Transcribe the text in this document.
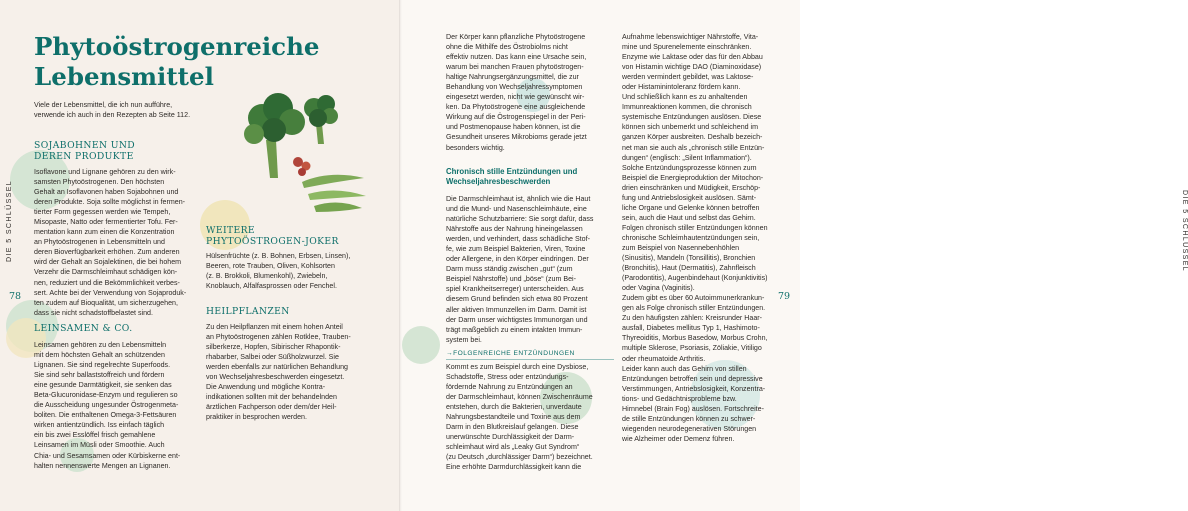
Phytoöstrogenreiche
Lebensmittel
Viele der Lebensmittel, die ich nun aufführe,
verwende ich auch in den Rezepten ab Seite 112.
SOJABOHNEN UND
DEREN PRODUKTE
Isoflavone und Lignane gehören zu den wirk-
samsten Phytoöstrogenen. Den höchsten
Gehalt an Isoflavonen haben Sojabohnen und
deren Produkte. Soja sollte möglichst in fermen-
tierter Form gegessen werden wie Tempeh,
Misopaste, Natto oder fermentierter Tofu. Fer-
mentation kann zum einen die Konzentration
an Phytoöstrogenen in Lebensmitteln und
deren Bioverfügbarkeit erhöhen. Zum anderen
wird der Gehalt an Sojalektinen, die bei hohem
Verzehr die Darmschleimhaut schädigen kön-
nen, reduziert und die Bekömmlichkeit verbes-
sert. Achte bei der Verwendung von Sojaproduk-
ten zudem auf Bioqualität, um sicherzugehen,
dass sie nicht schadstoffbelastet sind.
LEINSAMEN & CO.
Leinsamen gehören zu den Lebensmitteln
mit dem höchsten Gehalt an schützenden
Lignanen. Sie sind regelrechte Superfoods.
Sie sind sehr ballaststoffreich und fördern
eine gesunde Darmtätigkeit, sie senken das
Beta-Glucuronidase-Enzym und regulieren so
die Ausscheidung ungesunder Östrogenmeta-
boliten. Die enthaltenen Omega-3-Fettsäuren
wirken antientzündlich. Iss einfach täglich
ein bis zwei Esslöffel frisch gemahlene
Leinsamen im Müsli oder Smoothie. Auch
Chia- und Sesamsamen oder Kürbiskerne ent-
halten nennenswerte Mengen an Lignanen.
WEITERE
PHYTOÖSTROGEN-JOKER
Hülsenfrüchte (z. B. Bohnen, Erbsen, Linsen),
Beeren, rote Trauben, Oliven, Kohlsorten
(z. B. Brokkoli, Blumenkohl), Zwiebeln,
Knoblauch, Alfalfasprossen oder Fenchel.
HEILPFLANZEN
Zu den Heilpflanzen mit einem hohen Anteil
an Phytoöstrogenen zählen Rotklee, Trauben-
silberkerze, Hopfen, Sibirischer Rhapontik-
rhabarber, Salbei oder Süßholzwurzel. Sie
werden ebenfalls zur natürlichen Behandlung
von Wechseljahresbeschwerden eingesetzt.
Die Anwendung und mögliche Kontra-
indikationen sollten mit der behandelnden
ärztlichen Fachperson oder dem/der Heil-
praktiker in besprochen werden.
DIE 5 SCHLÜSSEL
78
Der Körper kann pflanzliche Phytoöstrogene
ohne die Mithilfe des Östrobiolms nicht
effektiv nutzen. Das kann eine Ursache sein,
warum bei manchen Frauen phytoöstrogen-
haltige Nahrungsergänzungsmittel, die zur
Behandlung von Wechseljahressymptomen
eingesetzt werden, nicht wie gewünscht wir-
ken. Da Phytoöstrogene eine ausgleichende
Wirkung auf die Östrogenspiegel in der Peri-
und Postmenopause haben können, ist die
Gesundheit unseres Mikrobioms gerade jetzt
besonders wichtig.
Chronisch stille Entzündungen und
Wechseljahresbeschwerden
Die Darmschleimhaut ist, ähnlich wie die Haut
und die Mund- und Nasenschleimhäute, eine
natürliche Schutzbarriere: Sie sorgt dafür, dass
Nährstoffe aus der Nahrung hineingelassen
werden, und verhindert, dass schädliche Stof-
fe, wie zum Beispiel Bakterien, Viren, Toxine
oder Allergene, in den Körper eindringen. Der
Darm muss ständig zwischen „gut“ (zum
Beispiel Nährstoffe) und „böse“ (zum Bei-
spiel Krankheitserreger) unterscheiden. Aus
diesem Grund befinden sich etwa 80 Prozent
aller aktiven Immunzellen im Darm. Damit ist
der Darm unser wichtigstes Immunorgan und
trägt maßgeblich zu einem intakten Immun-
system bei.
→FOLGENREICHE ENTZÜNDUNGEN
Kommt es zum Beispiel durch eine Dysbiose,
Schadstoffe, Stress oder entzündungs-
fördernde Nahrung zu Entzündungen an
der Darmschleimhaut, können Zwischenräume
entstehen, durch die Bakterien, unverdaute
Nahrungsbestandteile und Toxine aus dem
Darm in den Blutkreislauf gelangen. Diese
unerwünschte Durchlässigkeit der Darm-
schleimhaut wird als „Leaky Gut Syndrom“
(zu Deutsch „durchlässiger Darm“) bezeichnet.
Eine erhöhte Darmdurchlässigkeit kann die
Aufnahme lebenswichtiger Nährstoffe, Vita-
mine und Spurenelemente einschränken.
Enzyme wie Laktase oder das für den Abbau
von Histamin wichtige DAO (Diaminoxidase)
werden vermindert gebildet, was Laktose-
oder Histaminintoleranz fördern kann.
Und schließlich kann es zu anhaltenden
Immunreaktionen kommen, die chronisch
systemische Entzündungen auslösen. Diese
können sich unbemerkt und schleichend im
ganzen Körper ausbreiten. Deshalb bezeich-
net man sie auch als „chronisch stille Entzün-
dungen“ (englisch: „Silent Inflammation“).
Solche Entzündungsprozesse können zum
Beispiel die Energieproduktion der Mitochon-
drien einschränken und Müdigkeit, Erschöp-
fung und Antriebslosigkeit auslösen. Sämt-
liche Organe und Gelenke können betroffen
sein, auch die Haut und selbst das Gehirn.
Folgen chronisch stiller Entzündungen können
chronische Schleimhautentzündungen sein,
zum Beispiel von Nasennebenhöhlen
(Sinusitis), Mandeln (Tonsillitis), Bronchien
(Bronchitis), Haut (Dermatitis), Zahnfleisch
(Parodontitis), Augenbindehaut (Konjunktivitis)
oder Vagina (Vaginitis).
Zudem gibt es über 60 Autoimmunerkrankun-
gen als Folge chronisch stiller Entzündungen.
Zu den häufigsten zählen: Kreisrunder Haar-
ausfall, Diabetes mellitus Typ 1, Hashimoto-
Thyreoiditis, Morbus Basedow, Morbus Crohn,
multiple Sklerose, Psoriasis, Zöliakie, Vitiligo
oder rheumatoide Arthritis.
Leider kann auch das Gehirn von stillen
Entzündungen betroffen sein und depressive
Verstimmungen, Antriebslosigkeit, Konzentra-
tions- und Gedächtnisprobleme bzw.
Hirnnebel (Brain Fog) auslösen. Fortschreite-
de stille Entzündungen können zu schwer-
wiegenden neurodegenerativen Störungen
wie Alzheimer oder Demenz führen.
DIE 5 SCHLÜSSEL
79
